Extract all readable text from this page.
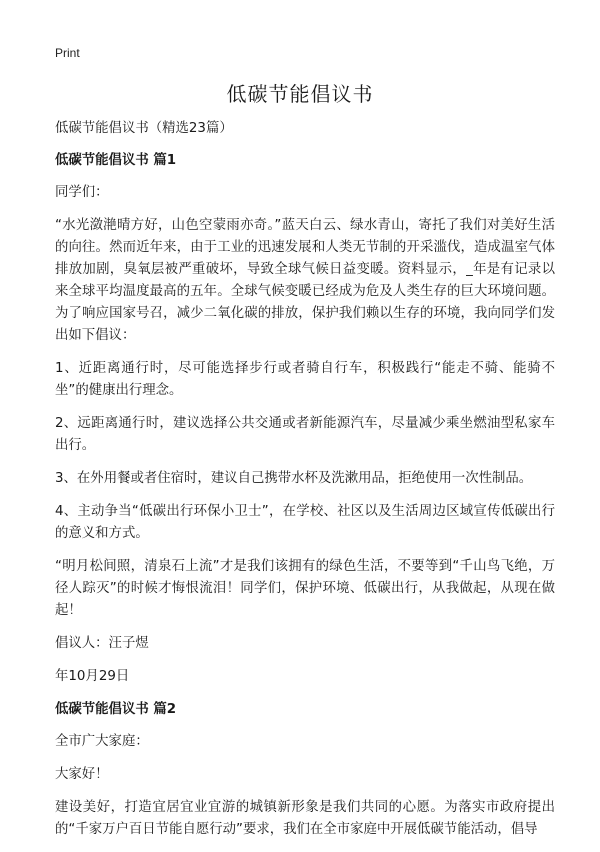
Print
低碳节能倡议书

低碳节能倡议书（精选23篇）

低碳节能倡议书 篇1

同学们：

“水光潋滟晴方好，山色空蒙雨亦奇。”蓝天白云、绿水青山，寄托了我们对美好生活的向往。然而近年来，由于工业的迅速发展和人类无节制的开采滥伐，造成温室气体排放加剧，臭氧层被严重破坏，导致全球气候日益变暖。资料显示，_年是有记录以来全球平均温度最高的五年。全球气候变暖已经成为危及人类生存的巨大环境问题。为了响应国家号召，减少二氧化碳的排放，保护我们赖以生存的环境，我向同学们发出如下倡议：

1、近距离通行时，尽可能选择步行或者骑自行车，积极践行“能走不骑、能骑不坐”的健康出行理念。

2、远距离通行时，建议选择公共交通或者新能源汽车，尽量减少乘坐燃油型私家车出行。

3、在外用餐或者住宿时，建议自己携带水杯及洗漱用品，拒绝使用一次性制品。

4、主动争当“低碳出行环保小卫士”，在学校、社区以及生活周边区域宣传低碳出行的意义和方式。

“明月松间照，清泉石上流”才是我们该拥有的绿色生活，不要等到“千山鸟飞绝，万径人踪灭”的时候才悔恨流泪！同学们，保护环境、低碳出行，从我做起，从现在做起！

倡议人：汪子煜

年10月29日

低碳节能倡议书 篇2

全市广大家庭：

大家好！

建设美好，打造宜居宜业宜游的城镇新形象是我们共同的心愿。为落实市政府提出的“千家万户百日节能自愿行动”要求，我们在全市家庭中开展低碳节能活动，倡导
